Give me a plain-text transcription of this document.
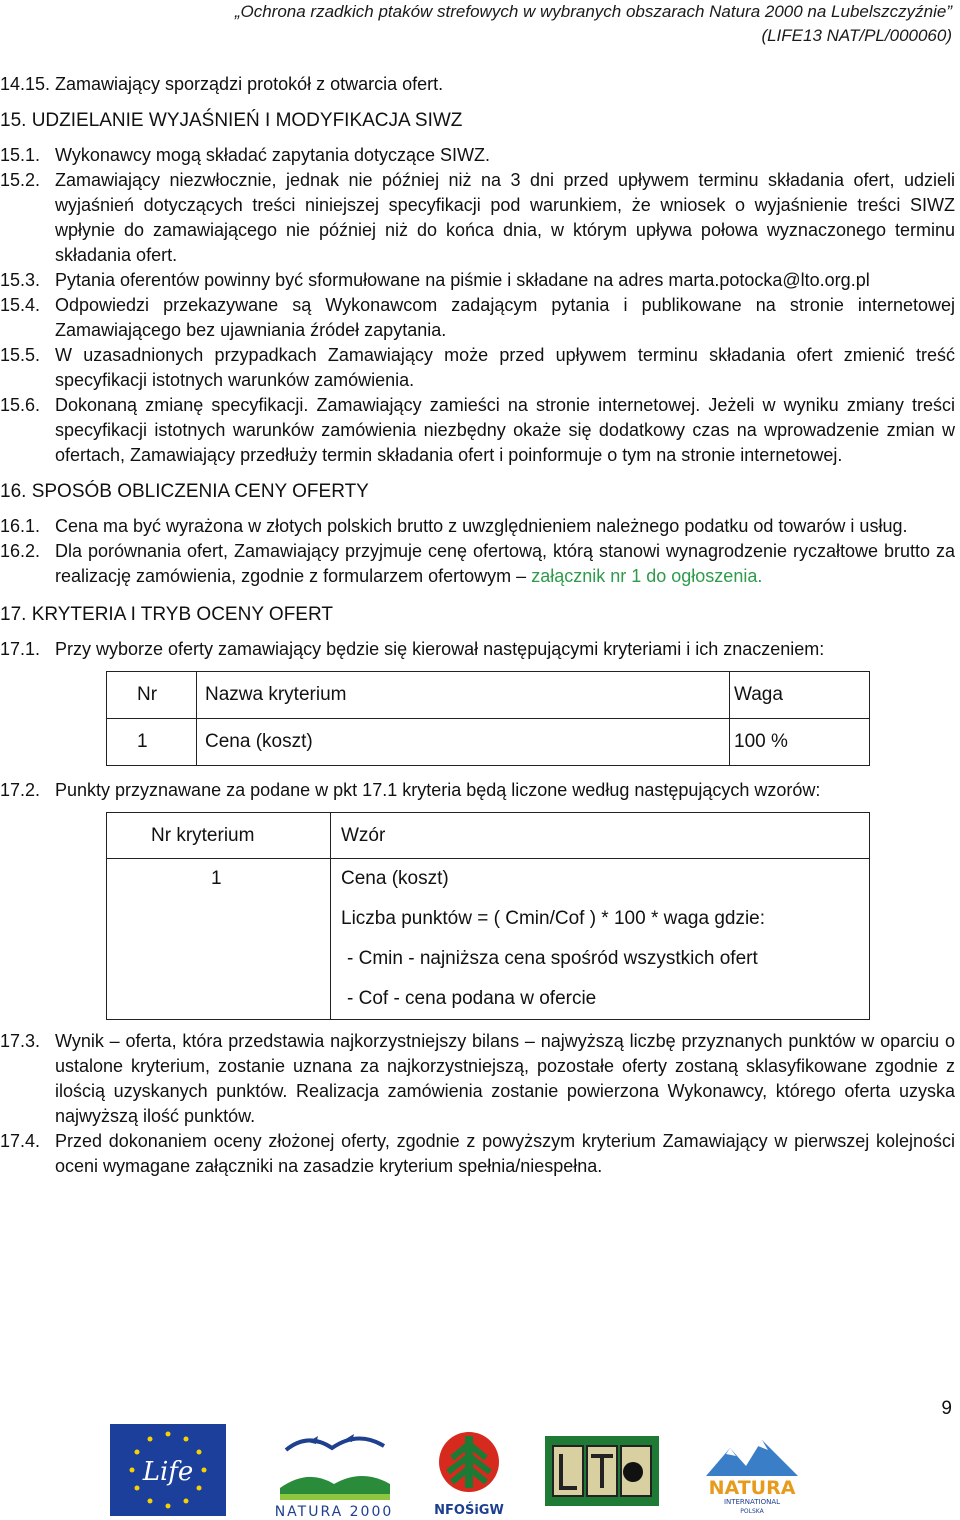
„Ochrona rzadkich ptaków strefowych w wybranych obszarach Natura 2000 na Lubelszczyźnie”
(LIFE13 NAT/PL/000060)
14.15. Zamawiający sporządzi protokół z otwarcia ofert.
15. UDZIELANIE WYJAŚNIEŃ I MODYFIKACJA SIWZ
15.1. Wykonawcy mogą składać zapytania dotyczące SIWZ.
15.2. Zamawiający niezwłocznie, jednak nie później niż na 3 dni przed upływem terminu składania ofert, udzieli wyjaśnień dotyczących treści niniejszej specyfikacji pod warunkiem, że wniosek o wyjaśnienie treści SIWZ wpłynie do zamawiającego nie później niż do końca dnia, w którym upływa połowa wyznaczonego terminu składania ofert.
15.3. Pytania oferentów powinny być sformułowane na piśmie i składane na adres marta.potocka@lto.org.pl
15.4. Odpowiedzi przekazywane są Wykonawcom zadającym pytania i publikowane na stronie internetowej Zamawiającego bez ujawniania źródeł zapytania.
15.5. W uzasadnionych przypadkach Zamawiający może przed upływem terminu składania ofert zmienić treść specyfikacji istotnych warunków zamówienia.
15.6. Dokonaną zmianę specyfikacji. Zamawiający zamieści na stronie internetowej. Jeżeli w wyniku zmiany treści specyfikacji istotnych warunków zamówienia niezbędny okaże się dodatkowy czas na wprowadzenie zmian w ofertach, Zamawiający przedłuży termin składania ofert i poinformuje o tym na stronie internetowej.
16. SPOSÓB OBLICZENIA CENY OFERTY
16.1. Cena ma być wyrażona w złotych polskich brutto z uwzględnieniem należnego podatku od towarów i usług.
16.2. Dla porównania ofert, Zamawiający przyjmuje cenę ofertową, którą stanowi wynagrodzenie ryczałtowe brutto za realizację zamówienia, zgodnie z formularzem ofertowym – załącznik nr 1 do ogłoszenia.
17. KRYTERIA I TRYB OCENY OFERT
17.1. Przy wyborze oferty zamawiający będzie się kierował następującymi kryteriami i ich znaczeniem:
Nr	Nazwa kryterium	Waga
1	Cena (koszt)	100 %
17.2. Punkty przyznawane za podane w pkt 17.1 kryteria będą liczone według następujących wzorów:
Nr kryterium	Wzór

1	Cena (koszt)
Liczba punktów = ( Cmin/Cof ) * 100 * waga gdzie:
- Cmin - najniższa cena spośród wszystkich ofert
- Cof - cena podana w ofercie
17.3. Wynik – oferta, która przedstawia najkorzystniejszy bilans – najwyższą liczbę przyznanych punktów w oparciu o ustalone kryterium, zostanie uznana za najkorzystniejszą, pozostałe oferty zostaną sklasyfikowane zgodnie z ilością uzyskanych punktów. Realizacja zamówienia zostanie powierzona Wykonawcy, którego oferta uzyska najwyższą ilość punktów.
17.4. Przed dokonaniem oceny złożonej oferty, zgodnie z powyższym kryterium Zamawiający w pierwszej kolejności oceni wymagane załączniki na zasadzie kryterium spełnia/niespełna.
9
Life
NATURA 2000	NFOŚiGW
NATURA
INTERNATIONAL
POLSKA
